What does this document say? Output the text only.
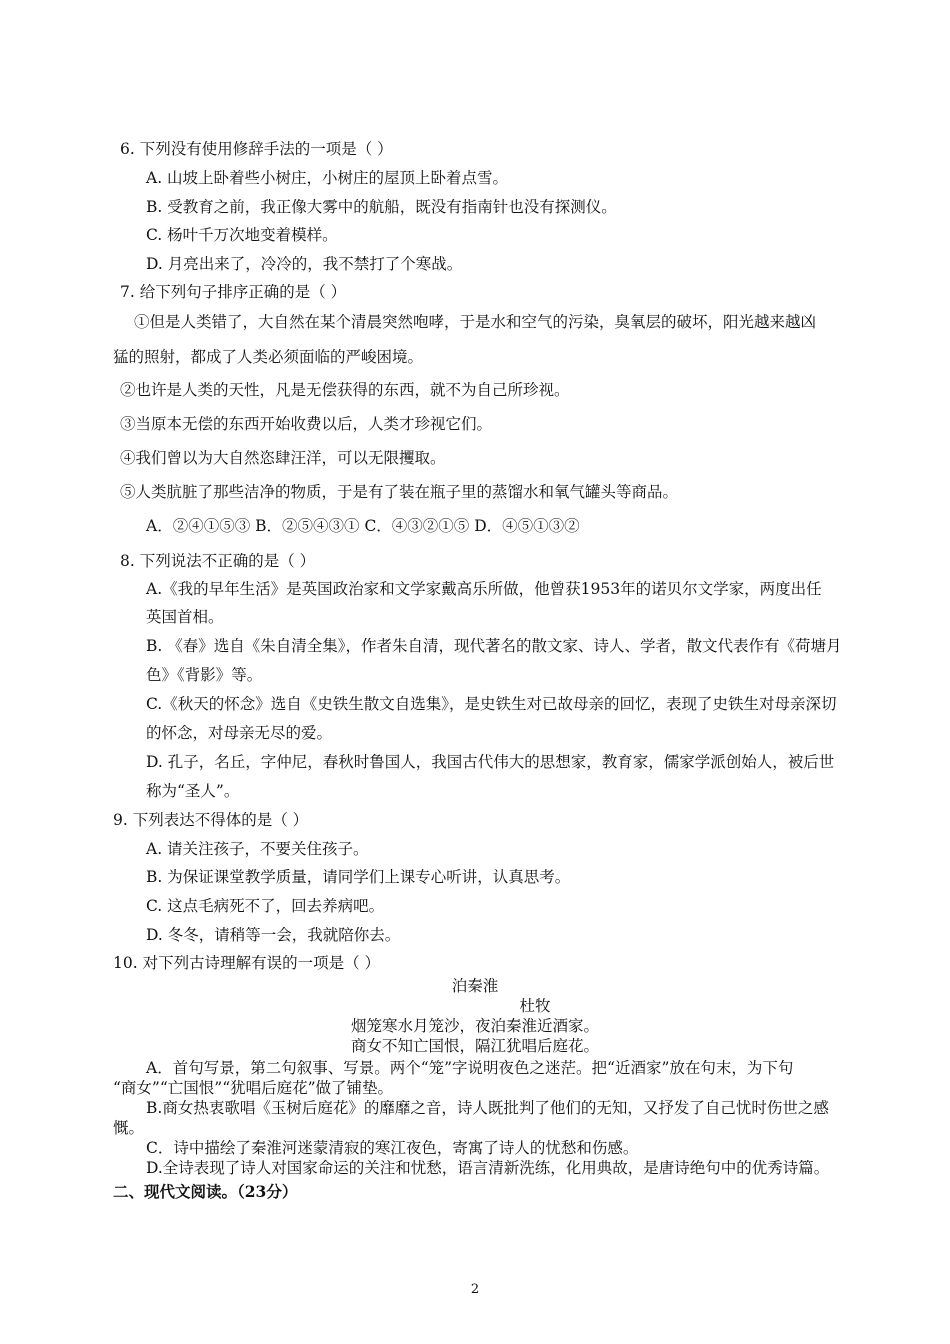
6. 下列没有使用修辞手法的一项是（ ）
A. 山坡上卧着些小树庄，小树庄的屋顶上卧着点雪。
B. 受教育之前，我正像大雾中的航船，既没有指南针也没有探测仪。
C. 杨叶千万次地变着模样。
D. 月亮出来了，冷冷的，我不禁打了个寒战。
7. 给下列句子排序正确的是（ ）
①但是人类错了，大自然在某个清晨突然咆哮，于是水和空气的污染，臭氧层的破坏，阳光越来越凶
猛的照射，都成了人类必须面临的严峻困境。
②也许是人类的天性，凡是无偿获得的东西，就不为自己所珍视。
③当原本无偿的东西开始收费以后，人类才珍视它们。
④我们曾以为大自然恣肆汪洋，可以无限攫取。
⑤人类肮脏了那些洁净的物质，于是有了装在瓶子里的蒸馏水和氧气罐头等商品。
A．②④①⑤③ B．②⑤④③① C．④③②①⑤ D．④⑤①③②
8. 下列说法不正确的是（ ）
A.《我的早年生活》是英国政治家和文学家戴高乐所做，他曾获1953年的诺贝尔文学家，两度出任
英国首相。
B. 《春》选自《朱自清全集》，作者朱自清，现代著名的散文家、诗人、学者，散文代表作有《荷塘月
色》《背影》等。
C.《秋天的怀念》选自《史铁生散文自选集》，是史铁生对已故母亲的回忆，表现了史铁生对母亲深切
的怀念，对母亲无尽的爱。
D. 孔子，名丘，字仲尼，春秋时鲁国人，我国古代伟大的思想家，教育家，儒家学派创始人，被后世
称为“圣人”。
9. 下列表达不得体的是（ ）
A. 请关注孩子，不要关住孩子。
B. 为保证课堂教学质量，请同学们上课专心听讲，认真思考。
C. 这点毛病死不了，回去养病吧。
D. 冬冬，请稍等一会，我就陪你去。
10. 对下列古诗理解有误的一项是（ ）
泊秦淮
杜牧
烟笼寒水月笼沙，夜泊秦淮近酒家。
商女不知亡国恨，隔江犹唱后庭花。
A．首句写景，第二句叙事、写景。两个“笼”字说明夜色之迷茫。把“近酒家”放在句末，为下句
“商女”“亡国恨”“犹唱后庭花”做了铺垫。
B.商女热衷歌唱《玉树后庭花》的靡靡之音，诗人既批判了他们的无知，又抒发了自己忧时伤世之感
慨。
C．诗中描绘了秦淮河迷蒙清寂的寒江夜色，寄寓了诗人的忧愁和伤感。
D.全诗表现了诗人对国家命运的关注和忧愁，语言清新洗练，化用典故，是唐诗绝句中的优秀诗篇。
二、现代文阅读。（23分）
2
